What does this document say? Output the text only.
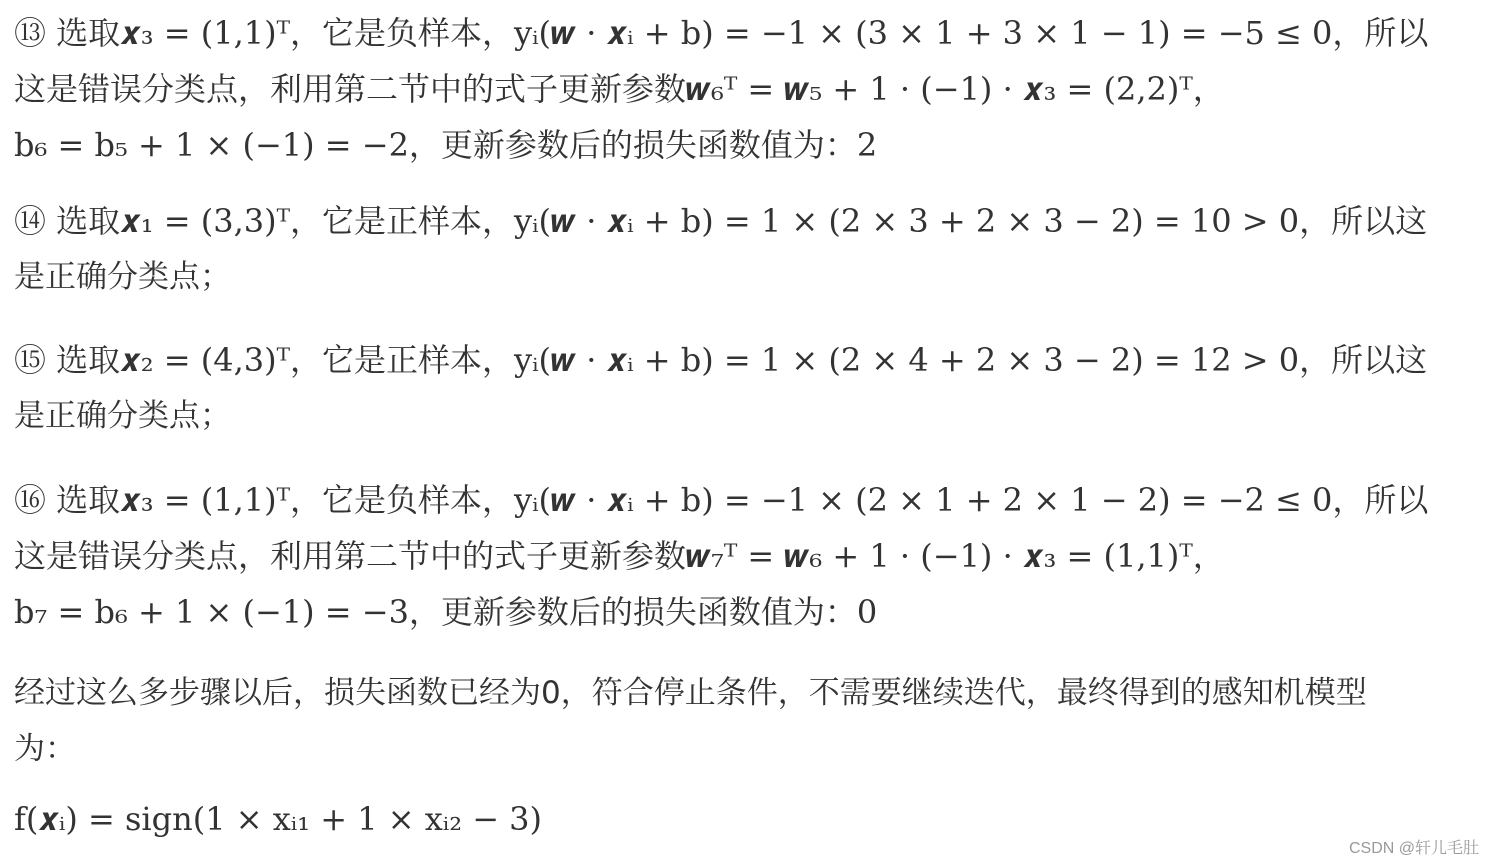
⑬ 选取𝒙₃ = (1,1)ᵀ，它是负样本，yᵢ(𝒘 · 𝒙ᵢ + b) = −1 × (3 × 1 + 3 × 1 − 1) = −5 ≤ 0，所以
这是错误分类点，利用第二节中的式子更新参数𝒘₆ᵀ = 𝒘₅ + 1 · (−1) · 𝒙₃ = (2,2)ᵀ，
b₆ = b₅ + 1 × (−1) = −2，更新参数后的损失函数值为：2
⑭ 选取𝒙₁ = (3,3)ᵀ，它是正样本，yᵢ(𝒘 · 𝒙ᵢ + b) = 1 × (2 × 3 + 2 × 3 − 2) = 10 > 0，所以这
是正确分类点；
⑮ 选取𝒙₂ = (4,3)ᵀ，它是正样本，yᵢ(𝒘 · 𝒙ᵢ + b) = 1 × (2 × 4 + 2 × 3 − 2) = 12 > 0，所以这
是正确分类点；
⑯ 选取𝒙₃ = (1,1)ᵀ，它是负样本，yᵢ(𝒘 · 𝒙ᵢ + b) = −1 × (2 × 1 + 2 × 1 − 2) = −2 ≤ 0，所以
这是错误分类点，利用第二节中的式子更新参数𝒘₇ᵀ = 𝒘₆ + 1 · (−1) · 𝒙₃ = (1,1)ᵀ，
b₇ = b₆ + 1 × (−1) = −3，更新参数后的损失函数值为：0
经过这么多步骤以后，损失函数已经为0，符合停止条件，不需要继续迭代，最终得到的感知机模型
为：
f(𝒙ᵢ) = sign(1 × xᵢ₁ + 1 × xᵢ₂ − 3)
CSDN @轩儿毛肚
